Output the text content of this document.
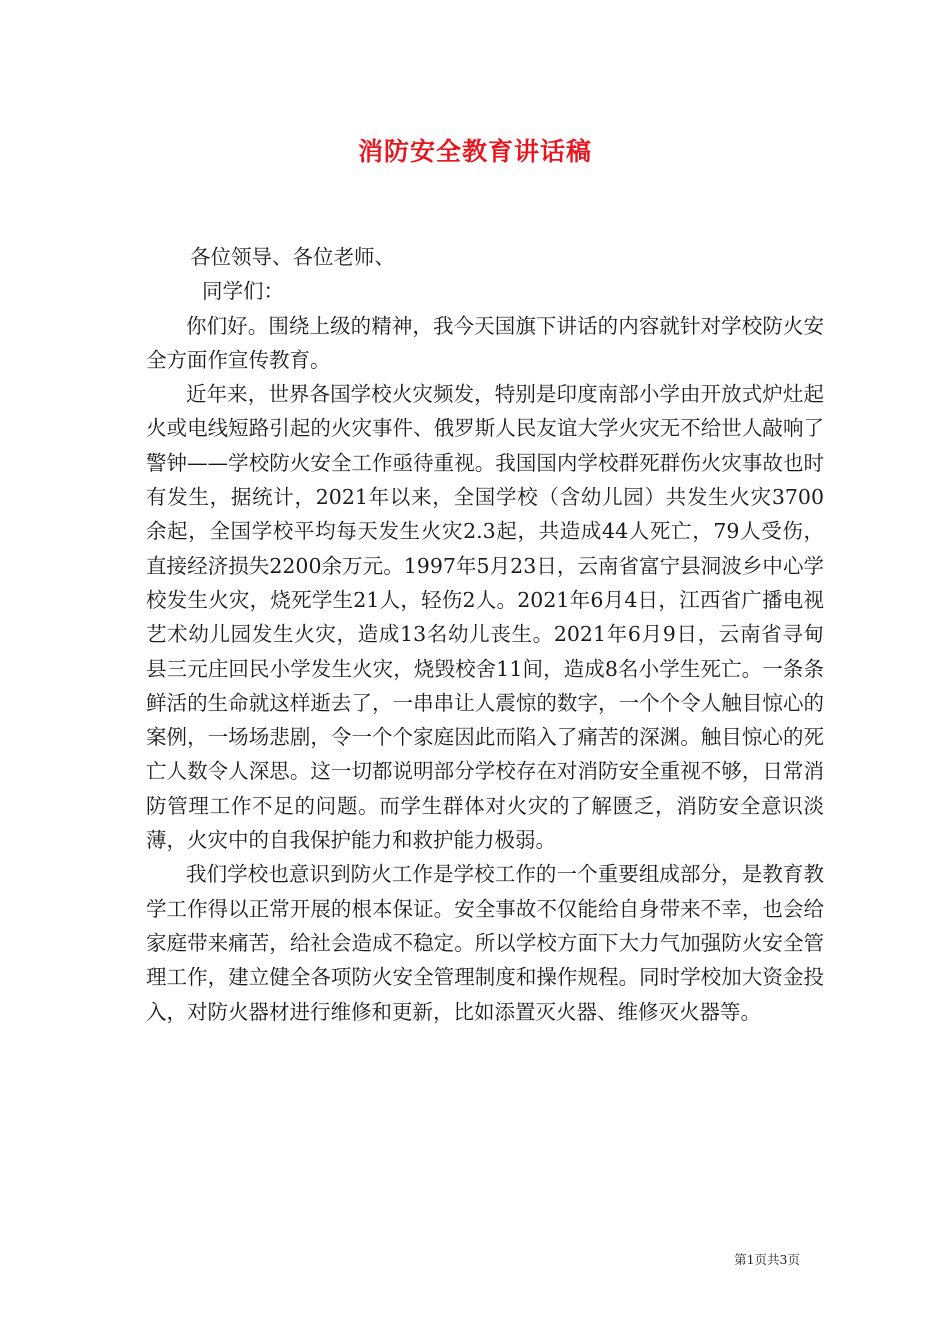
消防安全教育讲话稿
各位领导、各位老师、
同学们：

你们好。围绕上级的精神，我今天国旗下讲话的内容就针对学校防火安全方面作宣传教育。

近年来，世界各国学校火灾频发，特别是印度南部小学由开放式炉灶起火或电线短路引起的火灾事件、俄罗斯人民友谊大学火灾无不给世人敲响了警钟——学校防火安全工作亟待重视。我国国内学校群死群伤火灾事故也时有发生，据统计，2021年以来，全国学校（含幼儿园）共发生火灾3700余起，全国学校平均每天发生火灾2.3起，共造成44人死亡，79人受伤，直接经济损失2200余万元。1997年5月23日，云南省富宁县洞波乡中心学校发生火灾，烧死学生21人，轻伤2人。2021年6月4日，江西省广播电视艺术幼儿园发生火灾，造成13名幼儿丧生。2021年6月9日，云南省寻甸县三元庄回民小学发生火灾，烧毁校舍11间，造成8名小学生死亡。一条条鲜活的生命就这样逝去了，一串串让人震惊的数字，一个个令人触目惊心的案例，一场场悲剧，令一个个家庭因此而陷入了痛苦的深渊。触目惊心的死亡人数令人深思。这一切都说明部分学校存在对消防安全重视不够，日常消防管理工作不足的问题。而学生群体对火灾的了解匮乏，消防安全意识淡薄，火灾中的自我保护能力和救护能力极弱。

我们学校也意识到防火工作是学校工作的一个重要组成部分，是教育教学工作得以正常开展的根本保证。安全事故不仅能给自身带来不幸，也会给家庭带来痛苦，给社会造成不稳定。所以学校方面下大力气加强防火安全管理工作，建立健全各项防火安全管理制度和操作规程。同时学校加大资金投入，对防火器材进行维修和更新，比如添置灭火器、维修灭火器等。

第1页共3页
